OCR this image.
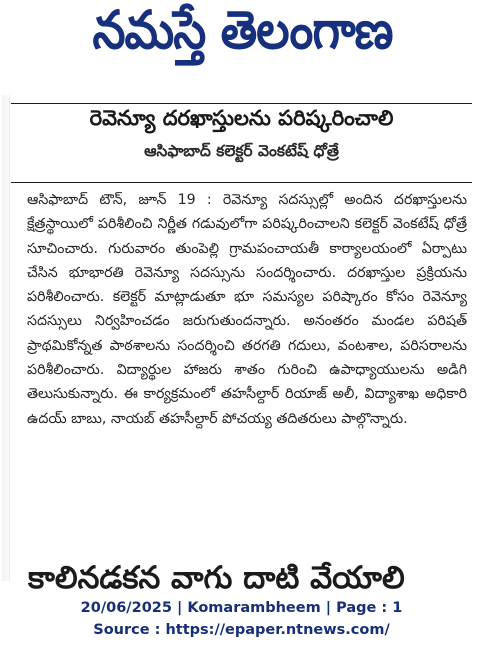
నమస్తే తెలంగాణ
రెవెన్యూ దరఖాస్తులను పరిష్కరించాలి
ఆసిఫాబాద్ కలెక్టర్ వెంకటేష్ ధోత్రే

ఆసిఫాబాద్ టౌన్, జూన్ 19 : రెవెన్యూ సదస్సుల్లో అందిన దరఖాస్తులను క్షేత్రస్థాయిలో పరిశీలించి నిర్ణీత గడువులోగా పరిష్కరించాలని కలెక్టర్ వెంకటేష్ ధోత్రే సూచించారు. గురువారం తుంపెల్లి గ్రామపంచాయతీ కార్యాలయంలో ఏర్పాటు చేసిన భూభారతి రెవెన్యూ సదస్సును సందర్శించారు. దరఖాస్తుల ప్రక్రియను పరిశీలించారు. కలెక్టర్ మాట్లాడుతూ భూ సమస్యల పరిష్కారం కోసం రెవెన్యూ సదస్సులు నిర్వహించడం జరుగుతుందన్నారు. అనంతరం మండల పరిషత్ ప్రాథమికోన్నత పాఠశాలను సందర్శించి తరగతి గదులు, వంటశాల, పరిసరాలను పరిశీలించారు. విద్యార్థుల హాజరు శాతం గురించి ఉపాధ్యాయులను అడిగి తెలుసుకున్నారు. ఈ కార్యక్రమంలో తహసీల్దార్ రియాజ్ అలీ, విద్యాశాఖ అధికారి ఉదయ్ బాబు, నాయబ్ తహసీల్దార్ పోచయ్య తదితరులు పాల్గొన్నారు.

కాలినడకన వాగు దాటి వేయాలి
20/06/2025 | Komarambheem | Page : 1
Source : https://epaper.ntnews.com/
